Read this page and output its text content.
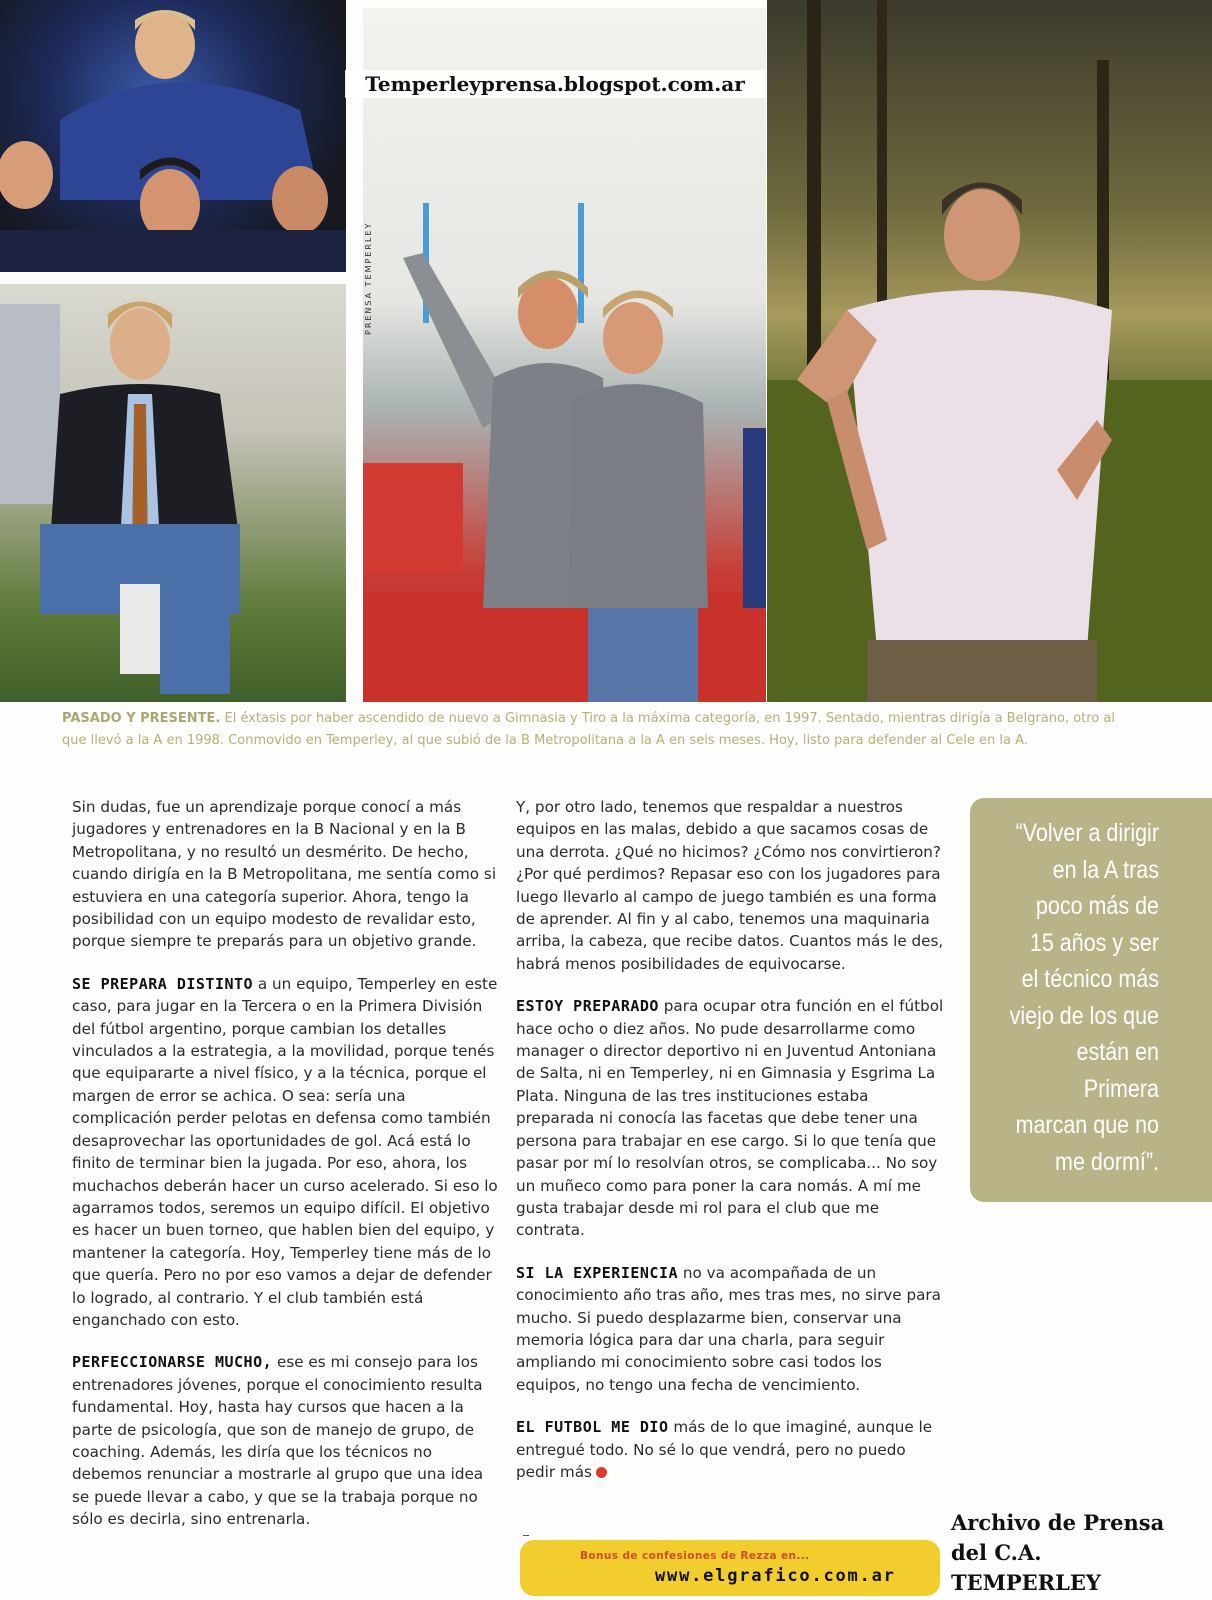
PRENSA TEMPERLEY
Temperleyprensa.blogspot.com.ar
PASADO Y PRESENTE. El éxtasis por haber ascendido de nuevo a Gimnasia y Tiro a la máxima categoría, en 1997. Sentado, mientras dirigía a Belgrano, otro al que llevó a la A en 1998. Conmovido en Temperley, al que subió de la B Metropolitana a la A en seis meses. Hoy, listo para defender al Cele en la A.

Sin dudas, fue un aprendizaje porque conocí a más jugadores y entrenadores en la B Nacional y en la B Metropolitana, y no resultó un desmérito. De hecho, cuando dirigía en la B Metropolitana, me sentía como si estuviera en una categoría superior. Ahora, tengo la posibilidad con un equipo modesto de revalidar esto, porque siempre te preparás para un objetivo grande.

SE PREPARA DISTINTO a un equipo, Temperley en este caso, para jugar en la Tercera o en la Primera División del fútbol argentino, porque cambian los detalles vinculados a la estrategia, a la movilidad, porque tenés que equipararte a nivel físico, y a la técnica, porque el margen de error se achica. O sea: sería una complicación perder pelotas en defensa como también desaprovechar las oportunidades de gol. Acá está lo finito de terminar bien la jugada. Por eso, ahora, los muchachos deberán hacer un curso acelerado. Si eso lo agarramos todos, seremos un equipo difícil. El objetivo es hacer un buen torneo, que hablen bien del equipo, y mantener la categoría. Hoy, Temperley tiene más de lo que quería. Pero no por eso vamos a dejar de defender lo logrado, al contrario. Y el club también está enganchado con esto.

PERFECCIONARSE MUCHO, ese es mi consejo para los entrenadores jóvenes, porque el conocimiento resulta fundamental. Hoy, hasta hay cursos que hacen a la parte de psicología, que son de manejo de grupo, de coaching. Además, les diría que los técnicos no debemos renunciar a mostrarle al grupo que una idea se puede llevar a cabo, y que se la trabaja porque no sólo es decirla, sino entrenarla.

Y, por otro lado, tenemos que respaldar a nuestros equipos en las malas, debido a que sacamos cosas de una derrota. ¿Qué no hicimos? ¿Cómo nos convirtieron? ¿Por qué perdimos? Repasar eso con los jugadores para luego llevarlo al campo de juego también es una forma de aprender. Al fin y al cabo, tenemos una maquinaria arriba, la cabeza, que recibe datos. Cuantos más le des, habrá menos posibilidades de equivocarse.

ESTOY PREPARADO para ocupar otra función en el fútbol hace ocho o diez años. No pude desarrollarme como manager o director deportivo ni en Juventud Antoniana de Salta, ni en Temperley, ni en Gimnasia y Esgrima La Plata. Ninguna de las tres instituciones estaba preparada ni conocía las facetas que debe tener una persona para trabajar en ese cargo. Si lo que tenía que pasar por mí lo resolvían otros, se complicaba... No soy un muñeco como para poner la cara nomás. A mí me gusta trabajar desde mi rol para el club que me contrata.

SI LA EXPERIENCIA no va acompañada de un conocimiento año tras año, mes tras mes, no sirve para mucho. Si puedo desplazarme bien, conservar una memoria lógica para dar una charla, para seguir ampliando mi conocimiento sobre casi todos los equipos, no tengo una fecha de vencimiento.

EL FUTBOL ME DIO más de lo que imaginé, aunque le entregué todo. No sé lo que vendrá, pero no puedo pedir más

“Volver a dirigir en la A tras poco más de 15 años y ser el técnico más viejo de los que están en Primera marcan que no me dormí”.
Bonus de confesiones de Rezza en...
www.elgrafico.com.ar
Archivo de Prensa
del C.A.
TEMPERLEY
